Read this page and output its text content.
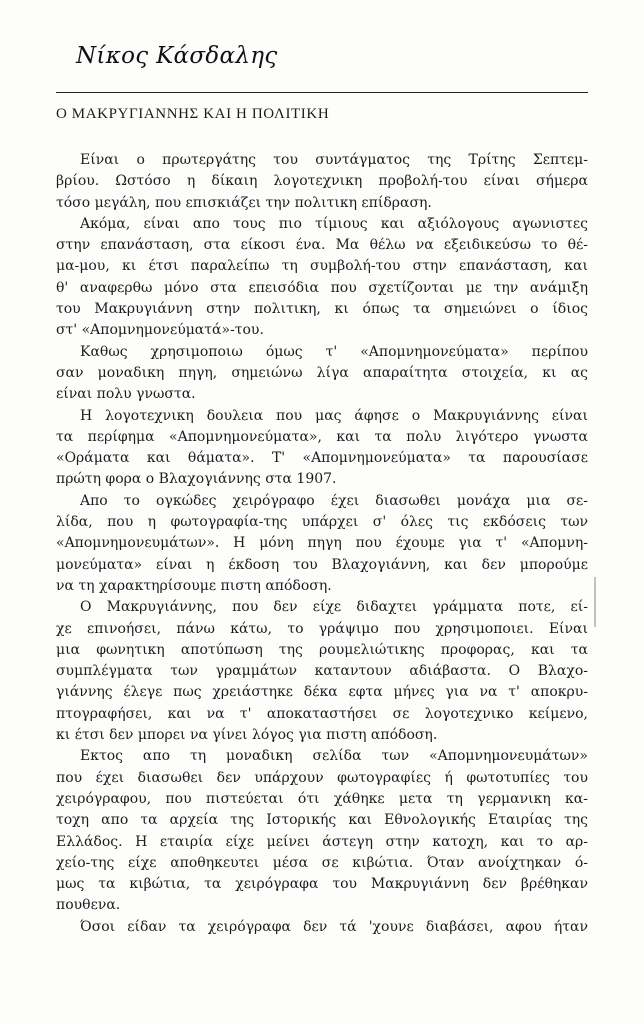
Νίκος Κάσδαλης
Ο ΜΑΚΡΥΓΙΑΝΝΗΣ ΚΑΙ Η ΠΟΛΙΤΙΚΗ
Είναι ο πρωτεργάτης του συντάγματος της Τρίτης Σεπτεμ-
βρίου. Ωστόσο η δίκαιη λογοτεχνικη προβολή-του είναι σήμερα
τόσο μεγάλη, που επισκιάζει την πολιτικη επίδραση.
Ακόμα, είναι απο τους πιο τίμιους και αξιόλογους αγωνιστες
στην επανάσταση, στα είκοσι ένα. Μα θέλω να εξειδικεύσω το θέ-
μα-μου, κι έτσι παραλείπω τη συμβολή-του στην επανάσταση, και
θ' αναφερθω μόνο στα επεισόδια που σχετίζονται με την ανάμιξη
του Μακρυγιάννη στην πολιτικη, κι όπως τα σημειώνει ο ίδιος
στ' «Απομνημονεύματά»-του.
Καθως χρησιμοποιω όμως τ' «Απομνημονεύματα» περίπου
σαν μοναδικη πηγη, σημειώνω λίγα απαραίτητα στοιχεία, κι ας
είναι πολυ γνωστα.
Η λογοτεχνικη δουλεια που μας άφησε ο Μακρυγιάννης είναι
τα περίφημα «Απομνημονεύματα», και τα πολυ λιγότερο γνωστα
«Οράματα και θάματα». Τ' «Απομνημονεύματα» τα παρουσίασε
πρώτη φορα ο Βλαχογιάννης στα 1907.
Απο το ογκώδες χειρόγραφο έχει διασωθει μονάχα μια σε-
λίδα, που η φωτογραφία-της υπάρχει σ' όλες τις εκδόσεις των
«Απομνημονευμάτων». Η μόνη πηγη που έχουμε για τ' «Απομνη-
μονεύματα» είναι η έκδοση του Βλαχογιάννη, και δεν μπορούμε
να τη χαρακτηρίσουμε πιστη απόδοση.
Ο Μακρυγιάννης, που δεν είχε διδαχτει γράμματα ποτε, εί-
χε επινοήσει, πάνω κάτω, το γράψιμο που χρησιμοποιει. Είναι
μια φωνητικη αποτύπωση της ρουμελιώτικης προφορας, και τα
συμπλέγματα των γραμμάτων καταντουν αδιάβαστα. Ο Βλαχο-
γιάννης έλεγε πως χρειάστηκε δέκα εφτα μήνες για να τ' αποκρυ-
πτογραφήσει, και να τ' αποκαταστήσει σε λογοτεχνικο κείμενο,
κι έτσι δεν μπορει να γίνει λόγος για πιστη απόδοση.
Εκτος απο τη μοναδικη σελίδα των «Απομνημονευμάτων»
που έχει διασωθει δεν υπάρχουν φωτογραφίες ή φωτοτυπίες του
χειρόγραφου, που πιστεύεται ότι χάθηκε μετα τη γερμανικη κα-
τοχη απο τα αρχεία της Ιστορικής και Εθνολογικής Εταιρίας της
Ελλάδος. Η εταιρία είχε μείνει άστεγη στην κατοχη, και το αρ-
χείο-της είχε αποθηκευτει μέσα σε κιβώτια. Όταν ανοίχτηκαν ό-
μως τα κιβώτια, τα χειρόγραφα του Μακρυγιάννη δεν βρέθηκαν
πουθενα.
Όσοι είδαν τα χειρόγραφα δεν τά 'χουνε διαβάσει, αφου ήταν
